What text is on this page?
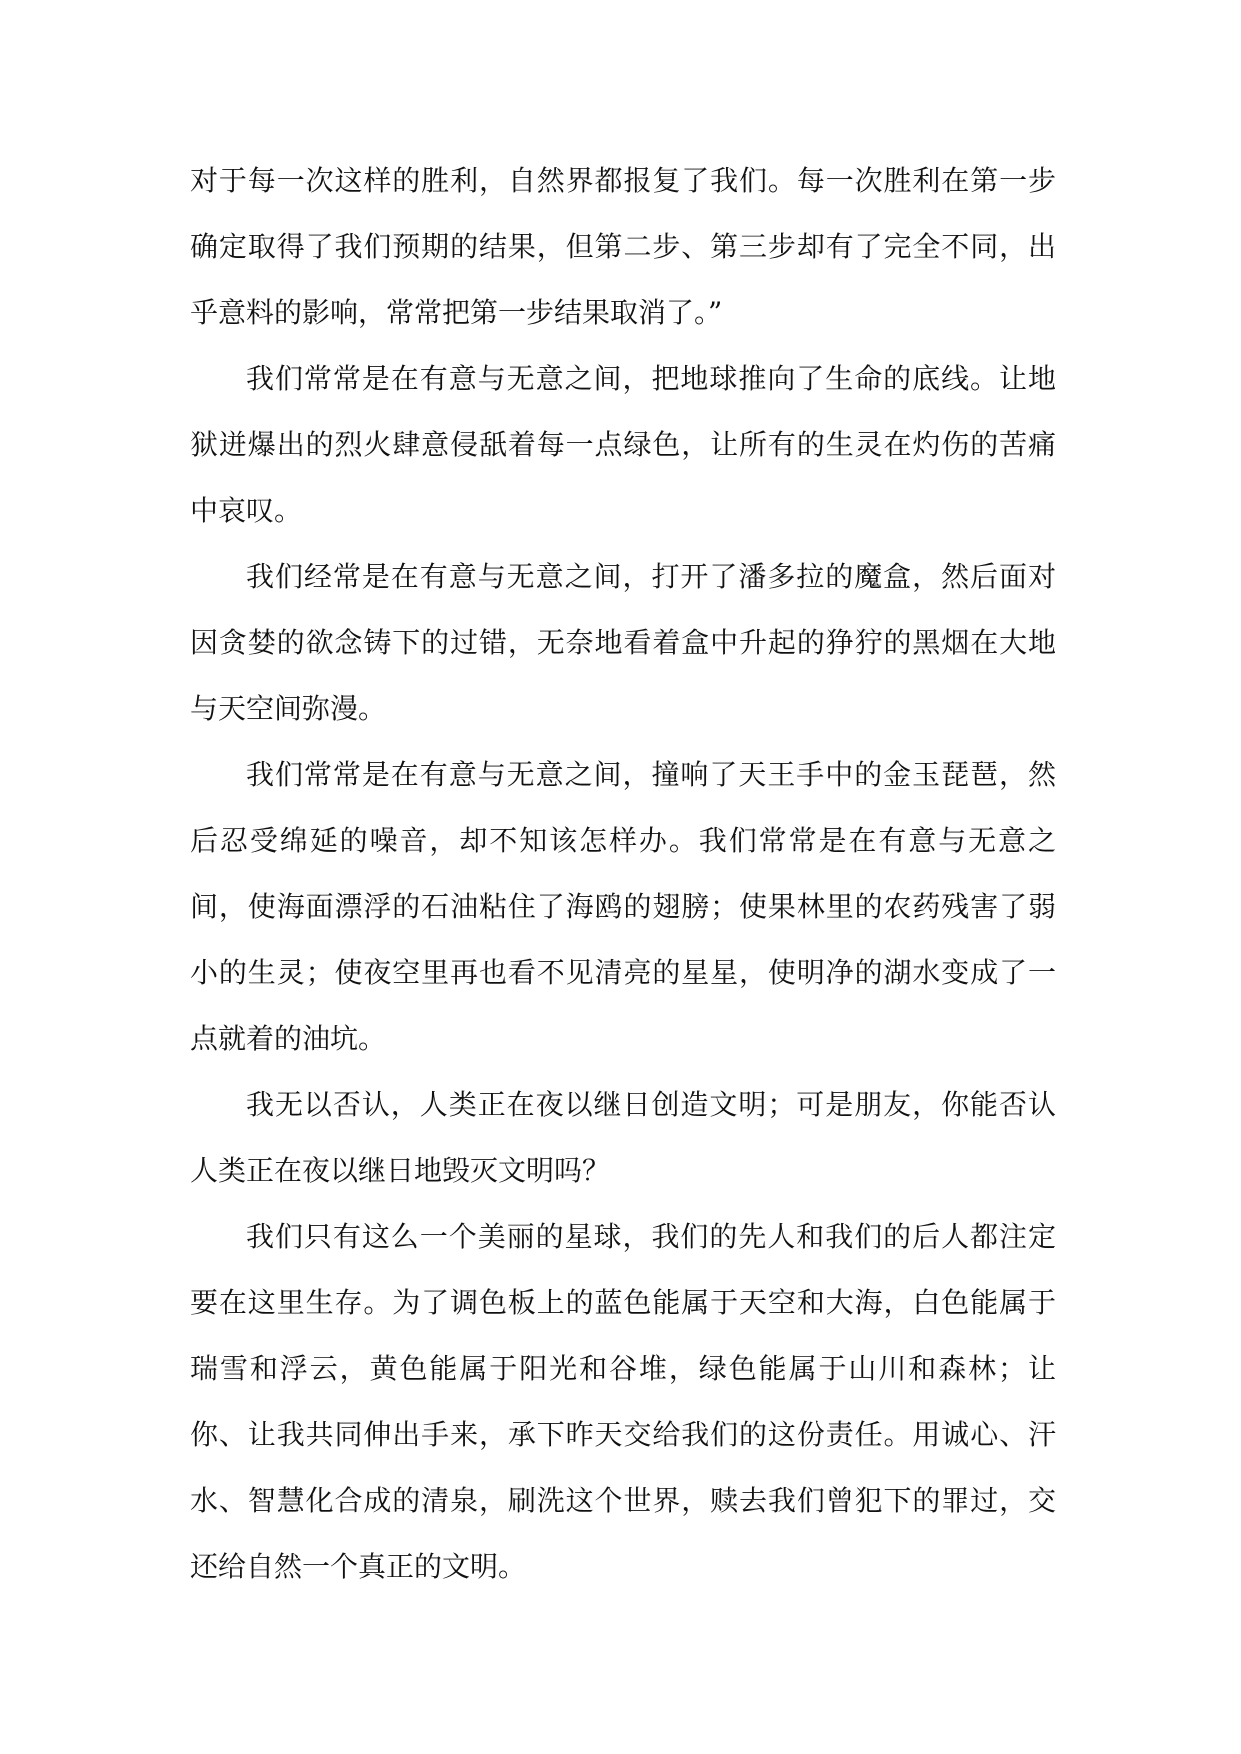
对于每一次这样的胜利，自然界都报复了我们。每一次胜利在第一步确定取得了我们预期的结果，但第二步、第三步却有了完全不同，出乎意料的影响，常常把第一步结果取消了。”

我们常常是在有意与无意之间，把地球推向了生命的底线。让地狱迸爆出的烈火肆意侵舐着每一点绿色，让所有的生灵在灼伤的苦痛中哀叹。

我们经常是在有意与无意之间，打开了潘多拉的魔盒，然后面对因贪婪的欲念铸下的过错，无奈地看着盒中升起的狰狞的黑烟在大地与天空间弥漫。

我们常常是在有意与无意之间，撞响了天王手中的金玉琵琶，然后忍受绵延的噪音，却不知该怎样办。我们常常是在有意与无意之间，使海面漂浮的石油粘住了海鸥的翅膀；使果林里的农药残害了弱小的生灵；使夜空里再也看不见清亮的星星，使明净的湖水变成了一点就着的油坑。

我无以否认，人类正在夜以继日创造文明；可是朋友，你能否认人类正在夜以继日地毁灭文明吗？

我们只有这么一个美丽的星球，我们的先人和我们的后人都注定要在这里生存。为了调色板上的蓝色能属于天空和大海，白色能属于瑞雪和浮云，黄色能属于阳光和谷堆，绿色能属于山川和森林；让你、让我共同伸出手来，承下昨天交给我们的这份责任。用诚心、汗水、智慧化合成的清泉，刷洗这个世界，赎去我们曾犯下的罪过，交还给自然一个真正的文明。
